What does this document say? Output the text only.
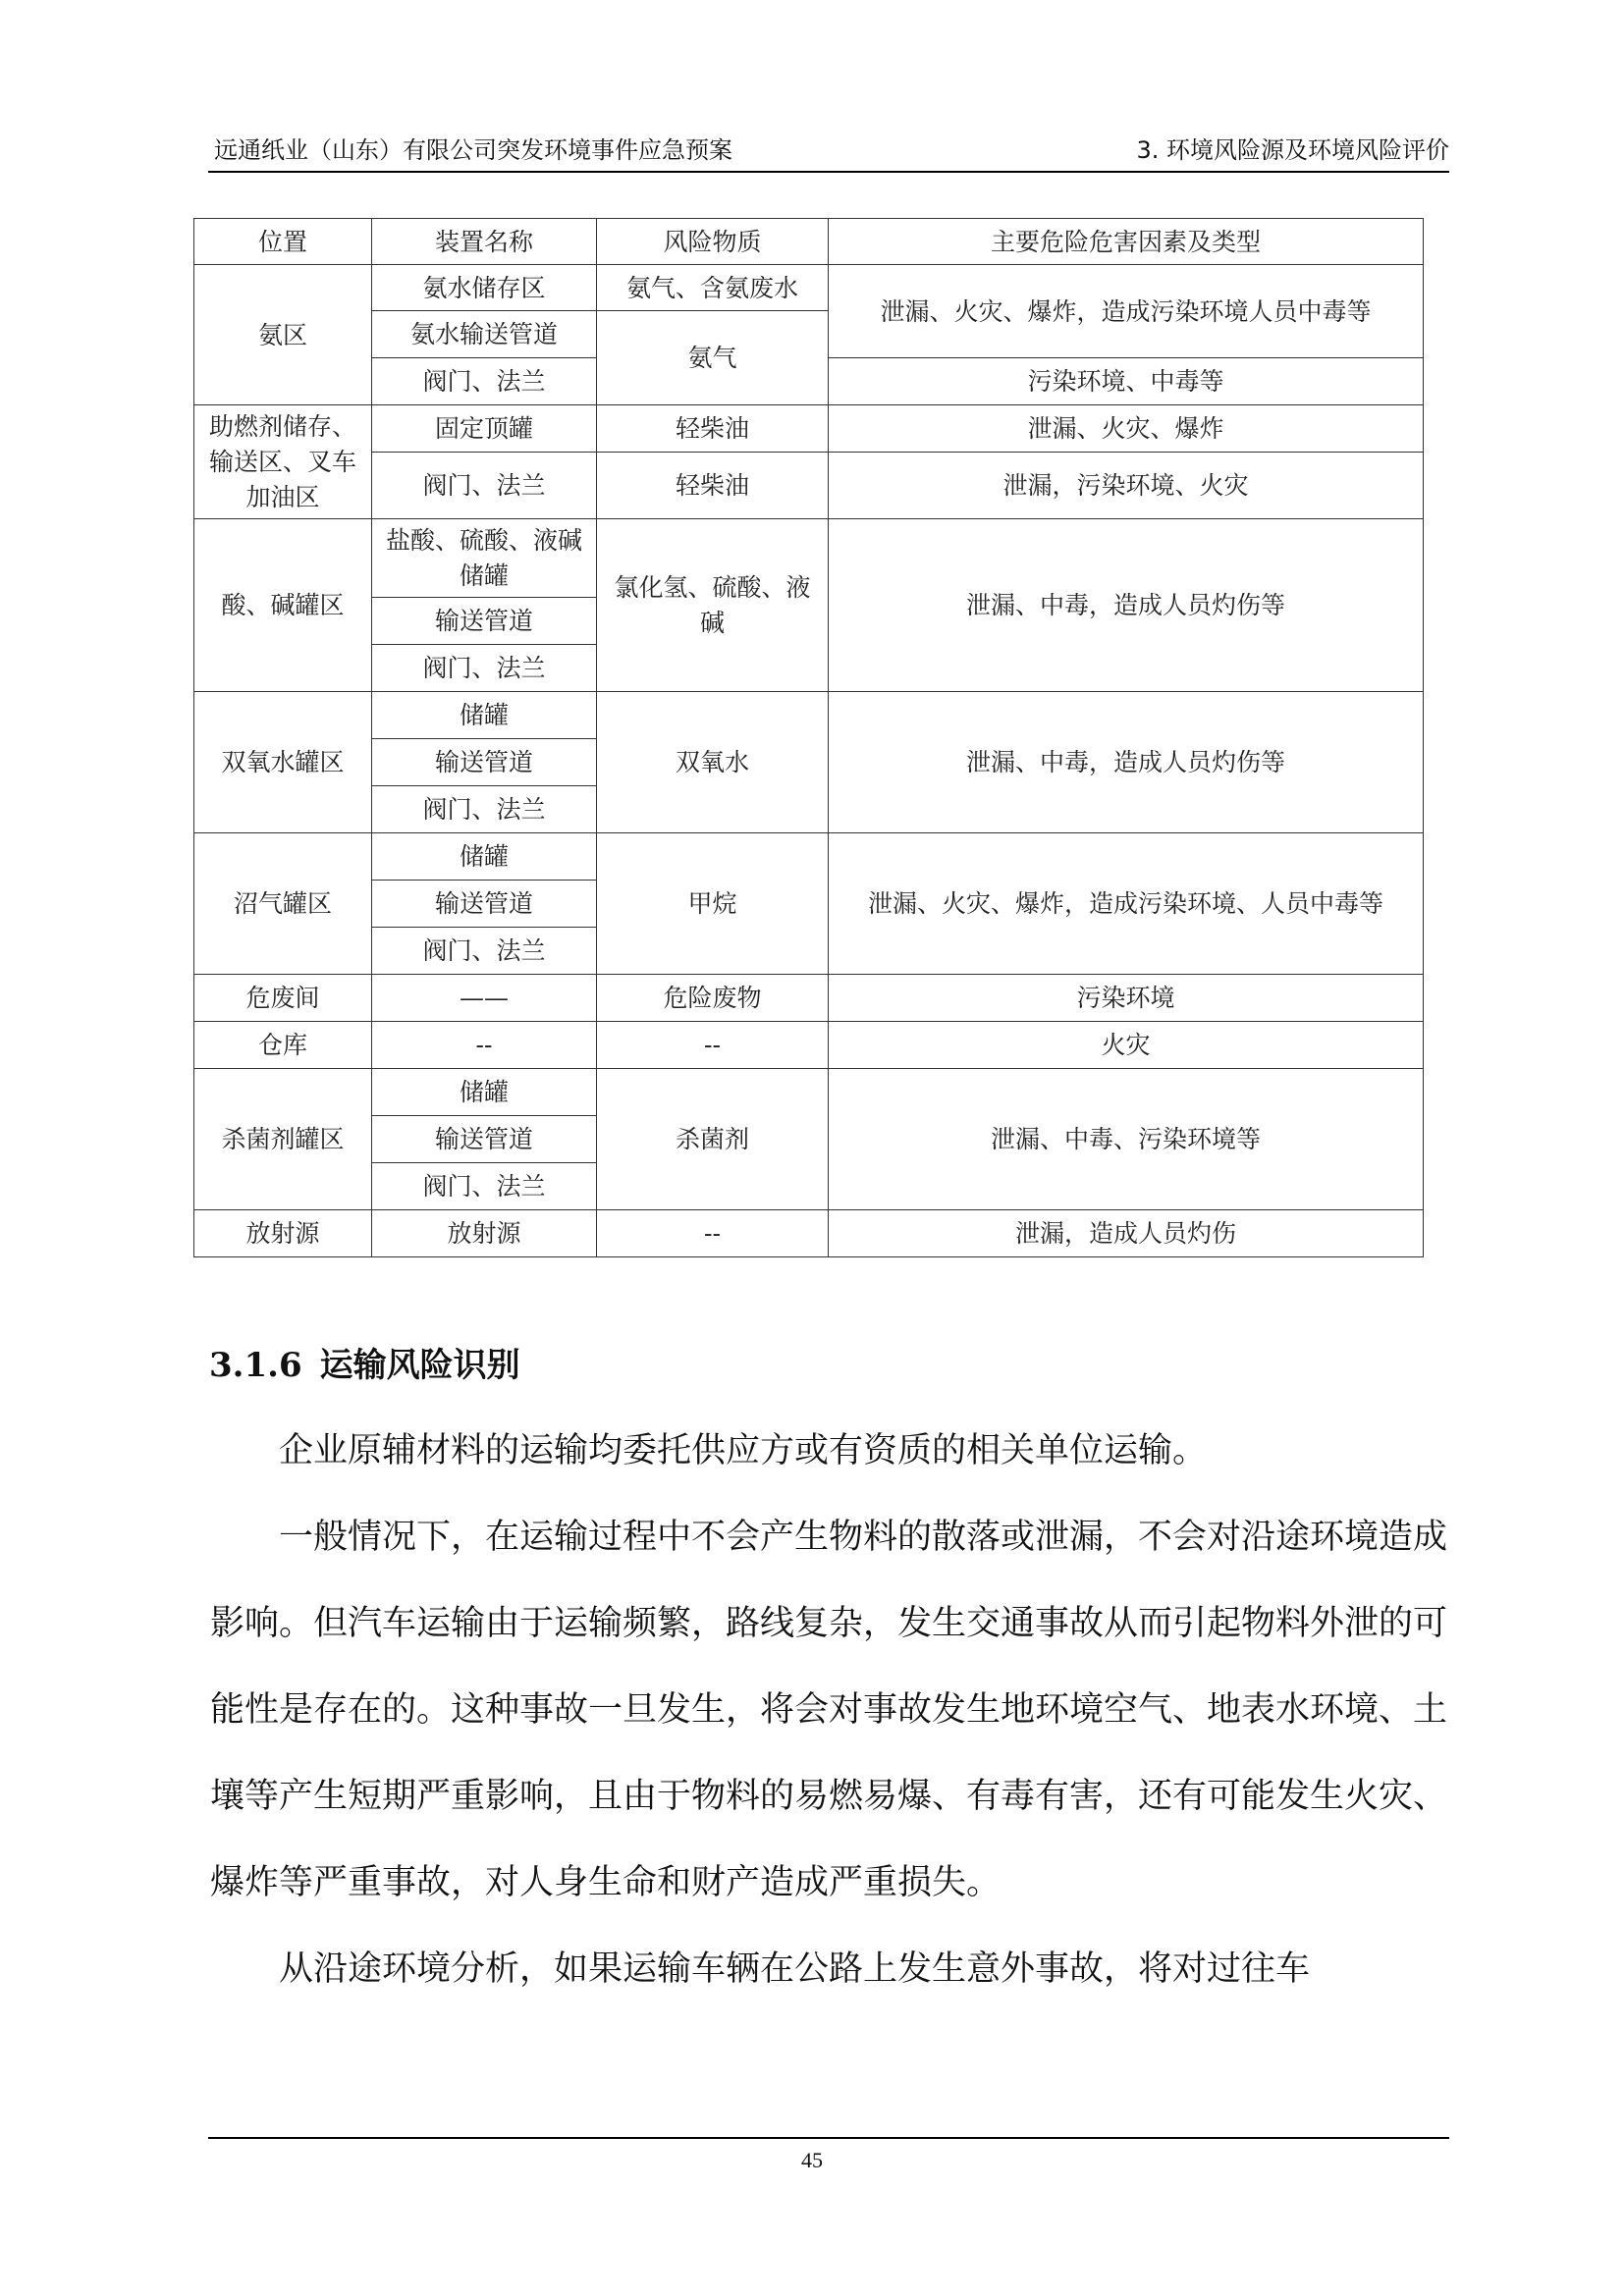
远通纸业（山东）有限公司突发环境事件应急预案	3. 环境风险源及环境风险评价
位置	装置名称	风险物质	主要危险危害因素及类型
氨区	氨水储存区	氨气、含氨废水	泄漏、火灾、爆炸，造成污染环境人员中毒等
	氨水输送管道	氨气	
	阀门、法兰		污染环境、中毒等
助燃剂储存、输送区、叉车加油区	固定顶罐	轻柴油	泄漏、火灾、爆炸
	阀门、法兰	轻柴油	泄漏，污染环境、火灾
酸、碱罐区	盐酸、硫酸、液碱储罐	氯化氢、硫酸、液碱	泄漏、中毒，造成人员灼伤等
	输送管道		
	阀门、法兰		
双氧水罐区	储罐	双氧水	泄漏、中毒，造成人员灼伤等
	输送管道		
	阀门、法兰		
沼气罐区	储罐	甲烷	泄漏、火灾、爆炸，造成污染环境、人员中毒等
	输送管道		
	阀门、法兰		
危废间	——	危险废物	污染环境
仓库	--	--	火灾
杀菌剂罐区	储罐	杀菌剂	泄漏、中毒、污染环境等
	输送管道		
	阀门、法兰		
放射源	放射源	--	泄漏，造成人员灼伤
3.1.6 运输风险识别

企业原辅材料的运输均委托供应方或有资质的相关单位运输。

一般情况下，在运输过程中不会产生物料的散落或泄漏，不会对沿途环境造成影响。但汽车运输由于运输频繁，路线复杂，发生交通事故从而引起物料外泄的可能性是存在的。这种事故一旦发生，将会对事故发生地环境空气、地表水环境、土壤等产生短期严重影响，且由于物料的易燃易爆、有毒有害，还有可能发生火灾、爆炸等严重事故，对人身生命和财产造成严重损失。

从沿途环境分析，如果运输车辆在公路上发生意外事故，将对过往车

45
